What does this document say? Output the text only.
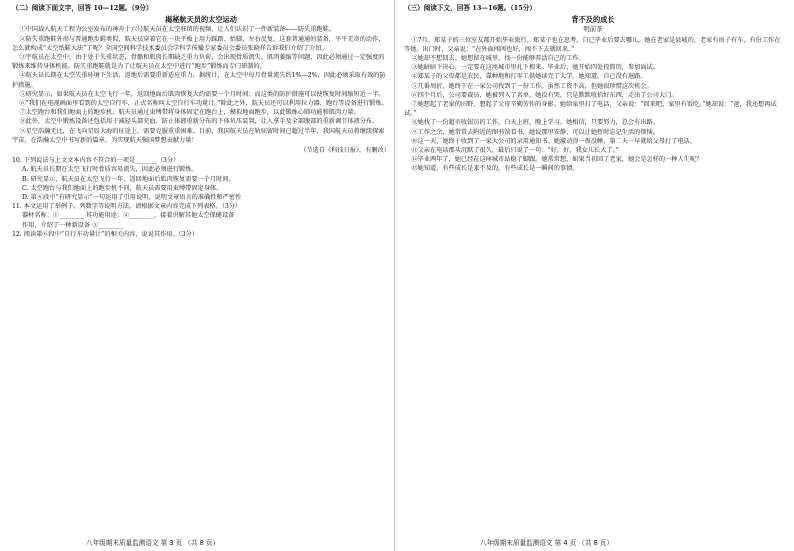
（二）阅读下面文字，回答 10—12题。（9分）
揭秘航天员的太空运动

①中国载人航天工程为公室发布的神舟十六号航天员在太空驻留的视频，让人们认识了一件新装备——防失重跑鞋。

②防失重跑鞋外形与普通跑步鞋类似，航天员穿着它在一块平板上用力踩踏、抬脚，左右反复。这套普通通的装备，平平无奇的动作，怎么就构成“太空纸鞋大法”了呢？全国空间科学技术委员会学科学传播专家委员会委员张晓祥告诉我们介绍了介绍。

③宇航员在太空中，由于处于失重状态，骨骼和肌肉长期缺乏重力负荷，会出现骨质流失、肌肉萎缩等问题，因此必须通过一定强度的锻炼来维持身体机能。防失重跑鞋就是为了让航天员在太空中进行“跑步”锻炼而专门研制的。

④航天员长期在太空失重环境下生活，返地后需要重新适应重力。据统计，在太空中每月骨量流失约1%—2%，因此必须采取有效的防护措施。

⑤研究显示，如果航天员在太空飞行一年，返回地面后肌肉恢复大约需要一个月时间；而这类的防护措施可以使恢复时间缩短近一半。

⑥“我们在电视画面里看到的太空自行车，正式名称叫太空自行车功量计。”除此之外，航天员还可以利用拉力器、跑台等设备进行锻炼。

⑦太空跑台和我们地面上的跑步机，航天员通过束缚带将身体固定在跑台上，模拟地面跑步，以此锻炼心肺功能和肌肉力量。

⑧此外，太空中锻炼设备还包括用于减轻头部充血、防止体液重新分布的下体负压装置，让人拿手及全部腹部的重新调节体液分布。

⑨星空浩瀚无比，在飞向星辰大海的征途上，需要克服重重困难。目前，我国航天员在轨驻留时间已超过半年，我国航天员将继续探索宇宙，在浩瀚太空中书写新的篇章，为实现航天强国梦想贡献力量！

（节选自《科技日报》，有删改）

10. 下列说法与上文文本内容不符合的一项是_______（3分）

A. 航天员长期在太空飞行时骨质容易流失，因此必须进行锻炼。

B. 研究显示，航天员在太空飞行一年，返回地面后肌肉恢复需要一个月时间。

C. 太空跑台与我们地面上的跑步机不同，航天员需要用束缚带固定身体。

D. 第⑥段中“有研究显示”一句运用了引用说明，说明文章语言的准确性和严密性

11. 本文运用了举例子、列数字等说明方法，请根据文章内容完成下列表格。（3分）

器材名称：①________ 其功能用途：②________，接着讲解其他太空保健设备

作用，介绍了一种新设备 ③________

12. 阅读第⑥段中“自行车功量计”的相关内容，说说其作用。（3分）

（三）阅读下文，回答 13—16题。（15分）
背不及的成长
明前茶

①7月，郑某子的三位室友都开始毕业旅行，郑某子也在思考，自己毕业后要去哪儿。她在老家是县城的，老家有房子有车，有份工作在等她。出门时，父亲说：“在外面闯闯也好，闯不下去就回来。”

②她却不想回去。她想留在城里，找一份能够养活自己的工作。

③她暗暗下决心，一定要在这座城市里扎下根来。毕业后，她开始四处投简历，参加面试。

④郑某子的父母都是农民，靠种地和打零工供她读完了大学。她知道，自己没有退路。

⑤几番周折，她终于在一家公司找到了一份工作。虽然工资不高，但她很珍惜这次机会。

⑥四个月后，公司要裁员，她被列入了名单。她没有哭，只是默默收拾好东西，走出了公司大门。

⑦她想起了老家的田野，想起了父母辛勤劳作的身影。她给家里打了电话，父亲说：“回来吧，家里有饭吃。”她却说：“爸，我还想再试试。”

⑧她找了一份超市收银员的工作，白天上班，晚上学习。她相信，只要努力，总会有出路。

⑨工作之余，她常常去附近的图书馆看书，她说那里安静，可以让她暂时忘记生活的烦恼。

⑩这一天，她终于收到了一家大公司的录用通知书。她激动得一夜没睡，第二天一早就给父母打了电话。

⑪父亲在电话那头沉默了很久，最后只说了一句：“好，好，我女儿长大了。”

⑫毕业两年了，她已经在这座城市站稳了脚跟。她常常想，如果当初回了老家，她会是怎样的一种人生呢？

⑬她知道，有些成长是来不及的，有些成长是一瞬间的事情。

八年级期末质量监测语文 第 3 页 （共 8 页）	八年级期末质量监测语文 第 4 页 （共 8 页）
